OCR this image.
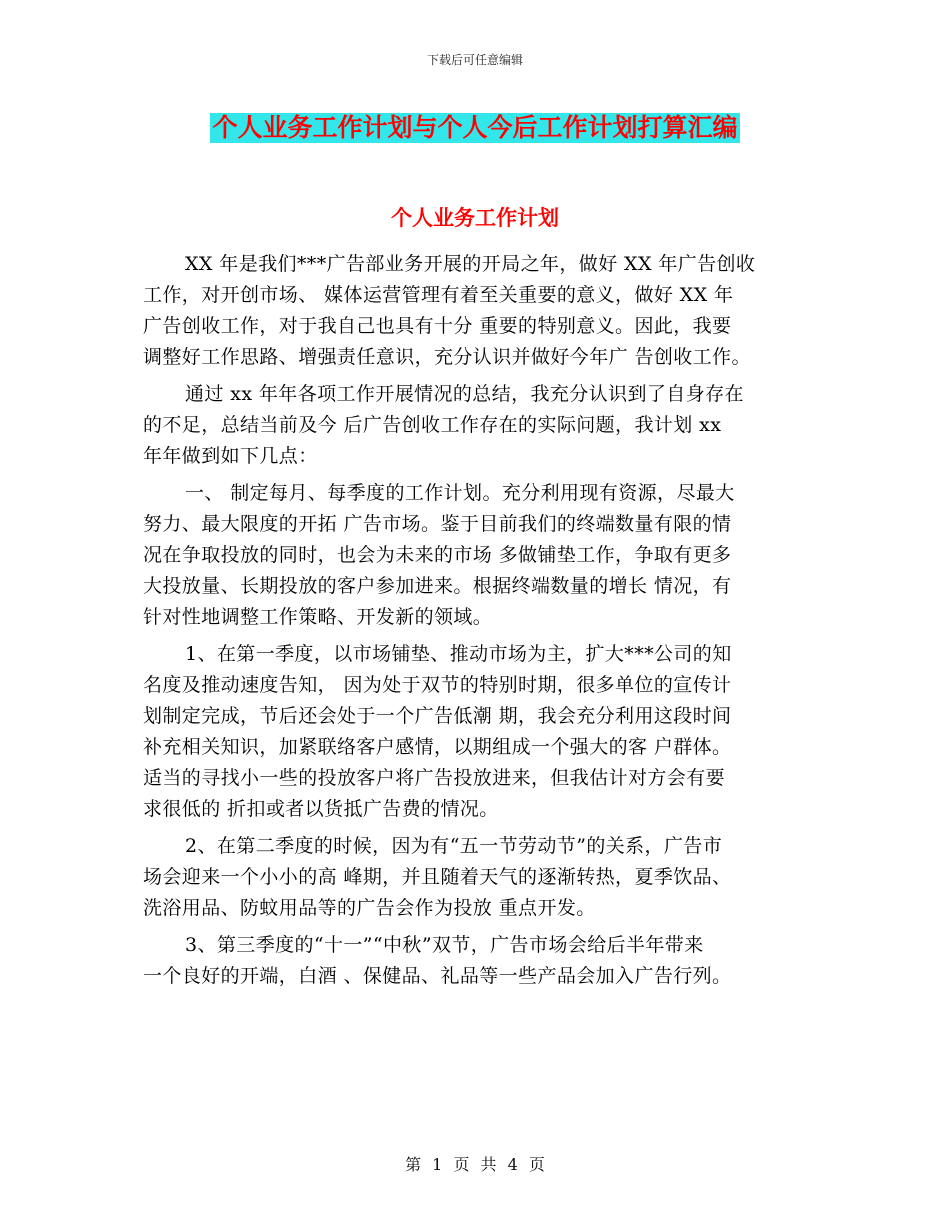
下载后可任意编辑
个人业务工作计划与个人今后工作计划打算汇编
个人业务工作计划

XX 年是我们***广告部业务开展的开局之年，做好 XX 年广告创收
工作，对开创市场、 媒体运营管理有着至关重要的意义，做好 XX 年
广告创收工作，对于我自己也具有十分 重要的特别意义。因此，我要
调整好工作思路、增强责任意识，充分认识并做好今年广 告创收工作。

通过 xx 年年各项工作开展情况的总结，我充分认识到了自身存在
的不足，总结当前及今 后广告创收工作存在的实际问题，我计划 xx
年年做到如下几点：

一、 制定每月、每季度的工作计划。充分利用现有资源，尽最大
努力、最大限度的开拓 广告市场。鉴于目前我们的终端数量有限的情
况在争取投放的同时，也会为未来的市场 多做铺垫工作，争取有更多
大投放量、长期投放的客户参加进来。根据终端数量的增长 情况，有
针对性地调整工作策略、开发新的领域。

1、在第一季度，以市场铺垫、推动市场为主，扩大***公司的知
名度及推动速度告知， 因为处于双节的特别时期，很多单位的宣传计
划制定完成，节后还会处于一个广告低潮 期，我会充分利用这段时间
补充相关知识，加紧联络客户感情，以期组成一个强大的客 户群体。
适当的寻找小一些的投放客户将广告投放进来，但我估计对方会有要
求很低的 折扣或者以货抵广告费的情况。

2、在第二季度的时候，因为有“五一节劳动节”的关系，广告市
场会迎来一个小小的高 峰期，并且随着天气的逐渐转热，夏季饮品、
洗浴用品、防蚊用品等的广告会作为投放 重点开发。

3、第三季度的“十一”“中秋”双节，广告市场会给后半年带来
一个良好的开端，白酒 、保健品、礼品等一些产品会加入广告行列。

第 1 页 共 4 页
